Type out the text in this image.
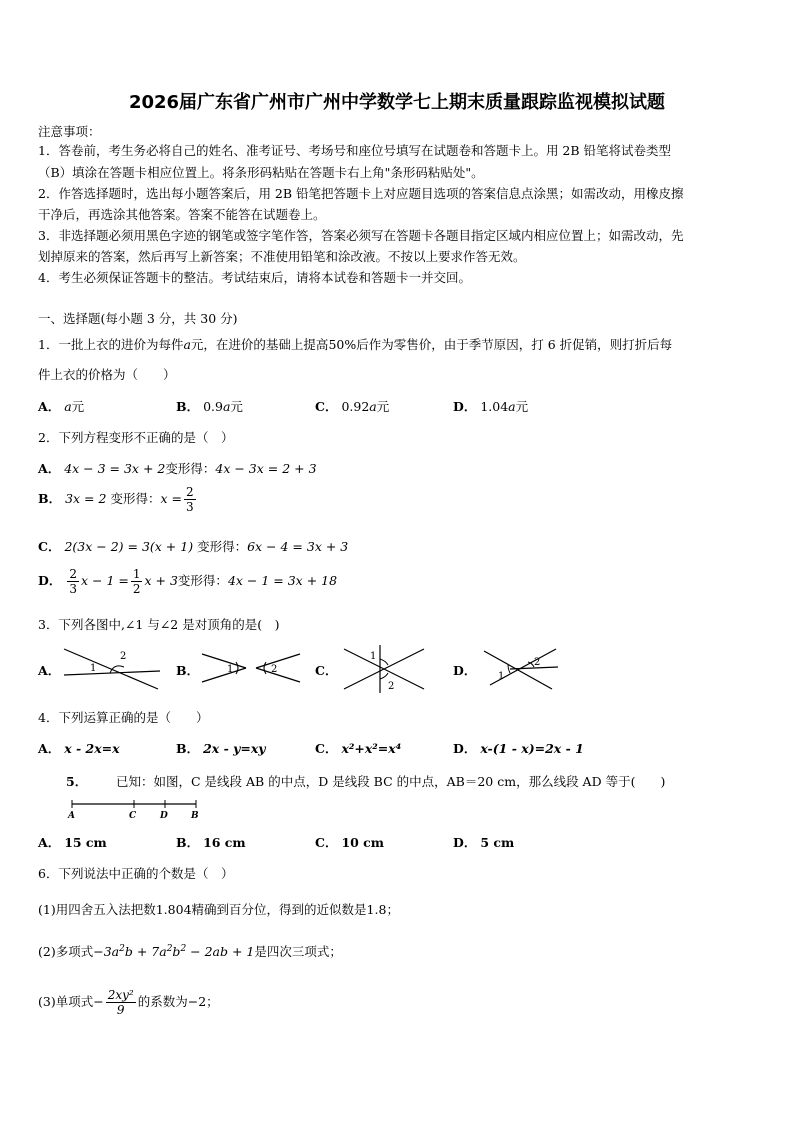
2026届广东省广州市广州中学数学七上期末质量跟踪监视模拟试题
注意事项：
1．答卷前，考生务必将自己的姓名、准考证号、考场号和座位号填写在试题卷和答题卡上。用 2B 铅笔将试卷类型
（B）填涂在答题卡相应位置上。将条形码粘贴在答题卡右上角"条形码粘贴处"。
2．作答选择题时，选出每小题答案后，用 2B 铅笔把答题卡上对应题目选项的答案信息点涂黑；如需改动，用橡皮擦
干净后，再选涂其他答案。答案不能答在试题卷上。
3．非选择题必须用黑色字迹的钢笔或签字笔作答，答案必须写在答题卡各题目指定区域内相应位置上；如需改动，先
划掉原来的答案，然后再写上新答案；不准使用铅笔和涂改液。不按以上要求作答无效。
4．考生必须保证答题卡的整洁。考试结束后，请将本试卷和答题卡一并交回。
一、选择题(每小题 3 分，共 30 分)
1．一批上衣的进价为每件a元，在进价的基础上提高50%后作为零售价，由于季节原因，打 6 折促销，则打折后每
件上衣的价格为（　　）
A． a元	B． 0.9a元	C． 0.92a元	D． 1.04a元
2．下列方程变形不正确的是（　）
A． 4x − 3 = 3x + 2变形得：4x − 3x = 2 + 3
B． 3x = 2 变形得：$x = \frac{2}{3}$
C． 2(3x − 2) = 3(x + 1) 变形得：6x − 4 = 3x + 3
D． $\frac{2}{3}$ $x - 1 = \frac{1}{2}$ x + 3变形得：4x − 1 = 3x + 18
3．下列各图中,∠1 与∠2 是对顶角的是(　)
A．	1
2
B．	1	2	C．
1
2
D． 1
2
4．下列运算正确的是（　　）
A． x - 2x=x	B． 2x - y=xy	C． x²+x²=x⁴	D． x-(1 - x)=2x - 1
5． 已知：如图，C 是线段 AB 的中点，D 是线段 BC 的中点，AB＝20 cm，那么线段 AD 等于(　　)
A	C	D	B
A． 15 cm	B． 16 cm	C． 10 cm	D． 5 cm
6．下列说法中正确的个数是（　）
(1)用四舍五入法把数1.804精确到百分位，得到的近似数是1.8；
(2)多项式$-3a^2b + 7a^2b^2 - 2ab + 1$是四次三项式；
(3)单项式− $\frac{\text{2xy²}}{9}$ 的系数为−2；
